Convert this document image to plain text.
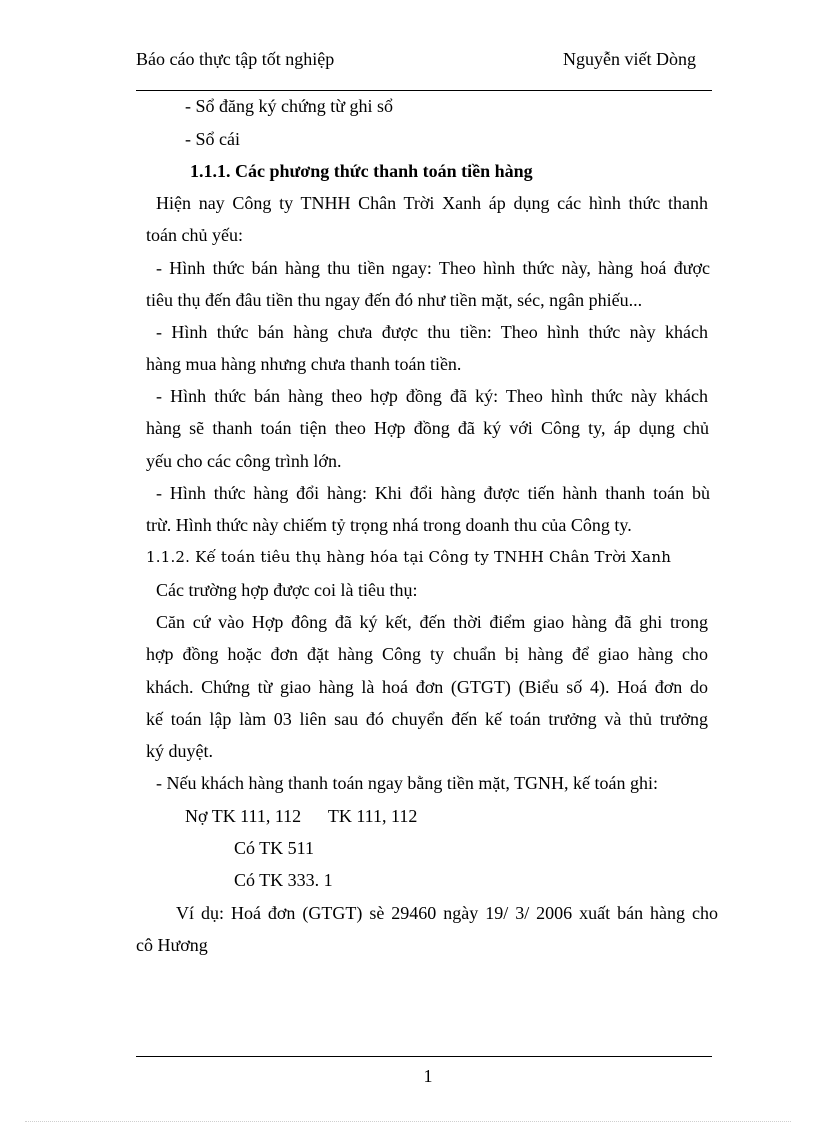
Báo cáo thực tập tốt nghiệp	Nguyễn viết Dòng
- Sổ đăng ký chứng từ ghi sổ
- Sổ cái
1.1.1. Các phương thức thanh toán tiền hàng
Hiện nay Công ty TNHH Chân Trời Xanh áp dụng các hình thức thanh
toán chủ yếu:
- Hình thức bán hàng thu tiền ngay: Theo hình thức này, hàng hoá được
tiêu thụ đến đâu tiền thu ngay đến đó như tiền mặt, séc, ngân phiếu...
- Hình thức bán hàng chưa được thu tiền: Theo hình thức này khách
hàng mua hàng nhưng chưa thanh toán tiền.
- Hình thức bán hàng theo hợp đồng đã ký: Theo hình thức này khách
hàng sẽ thanh toán tiện theo Hợp đồng đã ký với Công ty, áp dụng chủ
yếu cho các công trình lớn.
- Hình thức hàng đổi hàng: Khi đổi hàng được tiến hành thanh toán bù
trừ. Hình thức này chiếm tỷ trọng nhá trong doanh thu của Công ty.
1.1.2. Kế toán tiêu thụ hàng hóa tại Công ty TNHH Chân Trời Xanh
Các trường hợp được coi là tiêu thụ:
Căn cứ vào Hợp đông đã ký kết, đến thời điểm giao hàng đã ghi trong
hợp đồng hoặc đơn đặt hàng Công ty chuẩn bị hàng để giao hàng cho
khách. Chứng từ giao hàng là hoá đơn (GTGT) (Biểu số 4). Hoá đơn do
kế toán lập làm 03 liên sau đó chuyển đến kế toán trưởng và thủ trưởng
ký duyệt.
- Nếu khách hàng thanh toán ngay bằng tiền mặt, TGNH, kế toán ghi:
Nợ TK 111, 112      TK 111, 112
Có TK 511
Có TK 333. 1
Ví dụ: Hoá đơn (GTGT) sè 29460 ngày 19/ 3/ 2006 xuất bán hàng cho
cô Hương
1
